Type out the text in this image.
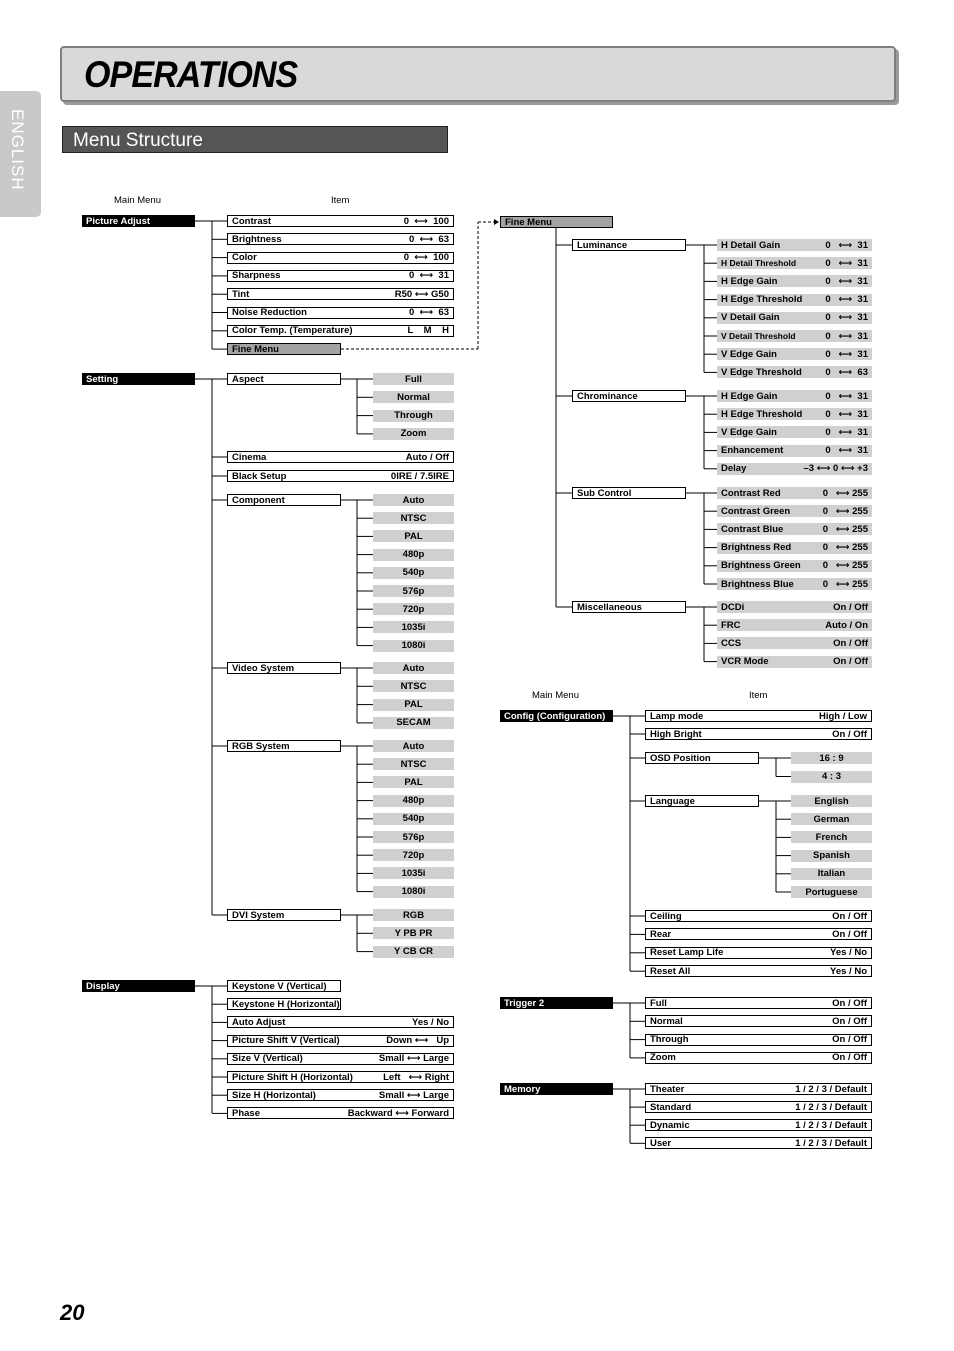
OPERATIONS
ENGLISH	Menu Structure
Main Menu	Item
Main Menu	Item
Picture Adjust	Contrast	0  ⟷  100
Brightness	0  ⟷  63
Color	0  ⟷  100
Sharpness	0  ⟷  31
Tint	R50 ⟷ G50
Noise Reduction	0  ⟷  63
Color Temp. (Temperature)	L    M    H
Fine Menu
Setting	Aspect	Full
Normal
Through
Zoom
Cinema	Auto / Off
Black Setup	0IRE / 7.5IRE
Component	Auto
NTSC
PAL
480p
540p
576p
720p
1035i
1080i
Video System	Auto
NTSC
PAL
SECAM
RGB System	Auto
NTSC
PAL
480p
540p
576p
720p
1035i
1080i
DVI System	RGB
Y PB PR
Y CB CR
Display	Keystone V (Vertical)
Keystone H (Horizontal)
Auto Adjust	Yes / No
Picture Shift V (Vertical)	Down ⟷   Up
Size V (Vertical)	Small ⟷ Large
Picture Shift H (Horizontal)	Left   ⟷ Right
Size H (Horizontal)	Small ⟷ Large
Phase	Backward ⟷ Forward
Fine Menu
Luminance	H Detail Gain	0   ⟷  31
H Detail Threshold	0   ⟷  31
H Edge Gain	0   ⟷  31
H Edge Threshold 0   ⟷  31
V Detail Gain	0   ⟷  31
V Detail Threshold	0   ⟷  31
V Edge Gain	0   ⟷  31
V Edge Threshold 0   ⟷  63
Chrominance	H Edge Gain	0   ⟷  31
H Edge Threshold 0   ⟷  31
V Edge Gain	0   ⟷  31
Enhancement	0   ⟷  31
Delay	–3 ⟷ 0 ⟷ +3
Sub Control	Contrast Red	0   ⟷ 255
Contrast Green	0   ⟷ 255
Contrast Blue	0   ⟷ 255
Brightness Red	0   ⟷ 255
Brightness Green 0   ⟷ 255
Brightness Blue	0   ⟷ 255
Miscellaneous	DCDi	On / Off
FRC	Auto / On
CCS	On / Off
VCR Mode	On / Off
Config (Configuration)	Lamp mode	High / Low
High Bright	On / Off
OSD Position	16 : 9
4 : 3
Language	English
German
French
Spanish
Italian
Portuguese
Ceiling	On / Off
Rear	On / Off
Reset Lamp Life	Yes / No
Reset All	Yes / No
Trigger 2	Full	On / Off
Normal	On / Off
Through	On / Off
Zoom	On / Off
Memory	Theater	1 / 2 / 3 / Default
Standard	1 / 2 / 3 / Default
Dynamic	1 / 2 / 3 / Default
User	1 / 2 / 3 / Default
20
